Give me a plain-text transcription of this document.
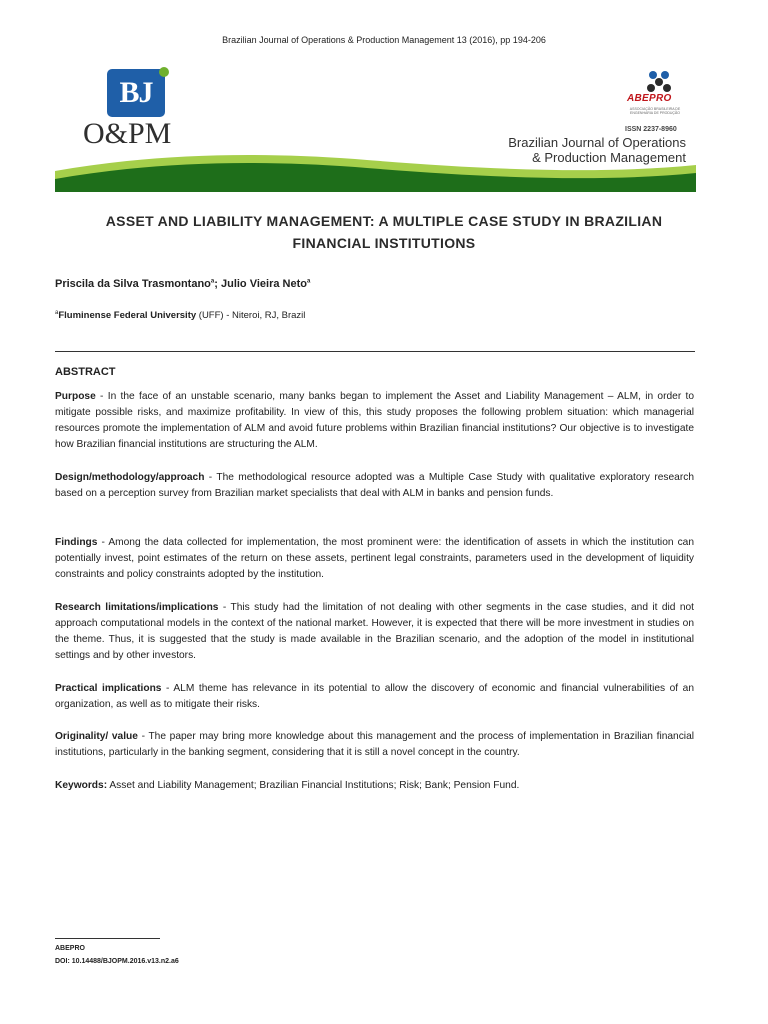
Brazilian Journal of Operations & Production Management 13 (2016), pp 194-206
BJ
O&PM
ABEPRO
ASSOCIAÇÃO BRASILEIRA DE ENGENHARIA DE PRODUÇÃO
ISSN 2237-8960
Brazilian Journal of Operations
& Production Management
ASSET AND LIABILITY MANAGEMENT: A MULTIPLE CASE STUDY IN BRAZILIAN
FINANCIAL INSTITUTIONS
Priscila da Silva Trasmontano$^a$; Julio Vieira Neto$^a$
$^a$Fluminense Federal University (UFF) - Niteroi, RJ, Brazil
ABSTRACT
Purpose - In the face of an unstable scenario, many banks began to implement the Asset and Liability Management – ALM, in order to mitigate possible risks, and maximize profitability. In view of this, this study proposes the following problem situation: which managerial resources promote the implementation of ALM and avoid future problems within Brazilian financial institutions? Our objective is to investigate how Brazilian financial institutions are structuring the ALM.
Design/methodology/approach - The methodological resource adopted was a Multiple Case Study with qualitative exploratory research based on a perception survey from Brazilian market specialists that deal with ALM in banks and pension funds.
Findings - Among the data collected for implementation, the most prominent were: the identification of assets in which the institution can potentially invest, point estimates of the return on these assets, pertinent legal constraints, parameters used in the development of liquidity constraints and policy constraints adopted by the institution.
Research limitations/implications - This study had the limitation of not dealing with other segments in the case studies, and it did not approach computational models in the context of the national market. However, it is expected that there will be more investment in studies on the theme. Thus, it is suggested that the study is made available in the Brazilian scenario, and the adoption of the model in institutional settings and by other investors.
Practical implications - ALM theme has relevance in its potential to allow the discovery of economic and financial vulnerabilities of an organization, as well as to mitigate their risks.
Originality/ value - The paper may bring more knowledge about this management and the process of implementation in Brazilian financial institutions, particularly in the banking segment, considering that it is still a novel concept in the country.
Keywords: Asset and Liability Management; Brazilian Financial Institutions; Risk; Bank; Pension Fund.
ABEPRO
DOI: 10.14488/BJOPM.2016.v13.n2.a6
